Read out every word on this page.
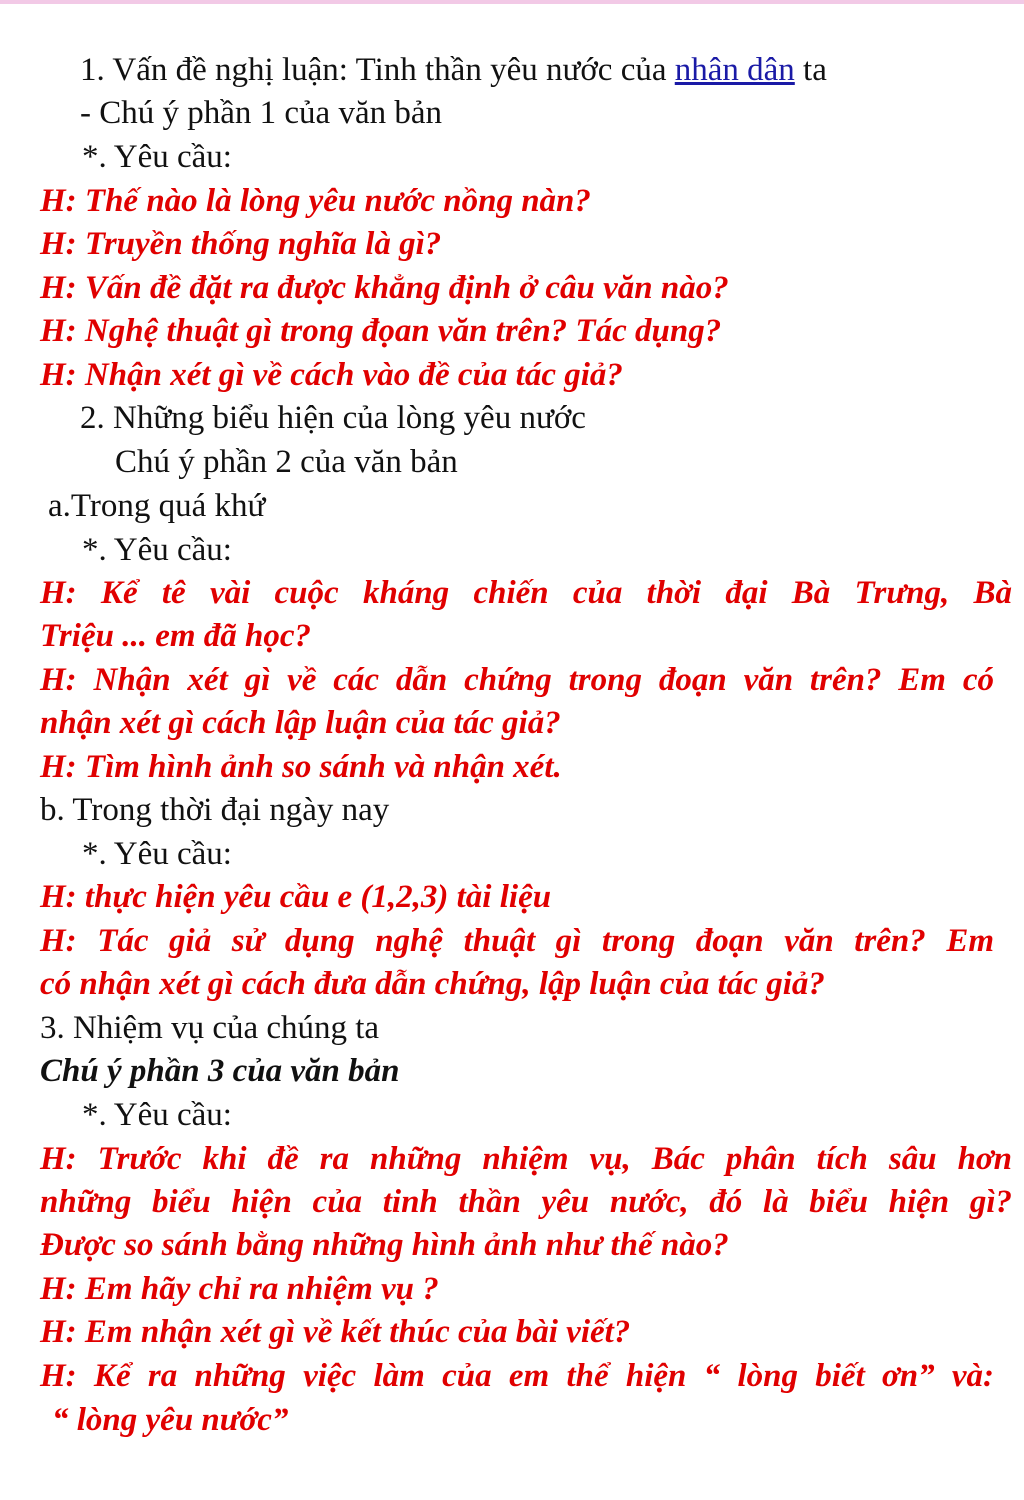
1. Vấn đề nghị luận: Tinh thần yêu nước của nhân dân ta
- Chú ý phần 1 của văn bản
*. Yêu cầu:
H: Thế nào là lòng yêu nước nồng nàn?
H: Truyền thống nghĩa là gì?
H: Vấn đề đặt ra được khẳng định ở câu văn nào?
H: Nghệ thuật gì trong đọan văn trên? Tác dụng?
H: Nhận xét gì về cách vào đề của tác giả?
2. Những biểu hiện của lòng yêu nước
Chú ý phần 2 của văn bản
a.Trong quá khứ
*. Yêu cầu:
H: Kể tê vài cuộc kháng chiến của thời đại Bà Trưng, Bà
Triệu ... em đã học?
H: Nhận xét gì về các dẫn chứng trong đoạn văn trên? Em có
nhận xét gì cách lập luận của tác giả?
H: Tìm hình ảnh so sánh và nhận xét.
b. Trong thời đại ngày nay
*. Yêu cầu:
H: thực hiện yêu cầu e (1,2,3) tài liệu
H: Tác giả sử dụng nghệ thuật gì trong đoạn văn trên? Em
có nhận xét gì cách đưa dẫn chứng, lập luận của tác giả?
3. Nhiệm vụ của chúng ta
Chú ý phần 3 của văn bản
*. Yêu cầu:
H: Trước khi đề ra những nhiệm vụ, Bác phân tích sâu hơn
những biểu hiện của tinh thần yêu nước, đó là biểu hiện gì?
Được so sánh bằng những hình ảnh như thế nào?
H: Em hãy chỉ ra nhiệm vụ ?
H: Em nhận xét gì về kết thúc của bài viết?
H: Kể ra những việc làm của em thể hiện “ lòng biết ơn” và:
“ lòng yêu nước”
